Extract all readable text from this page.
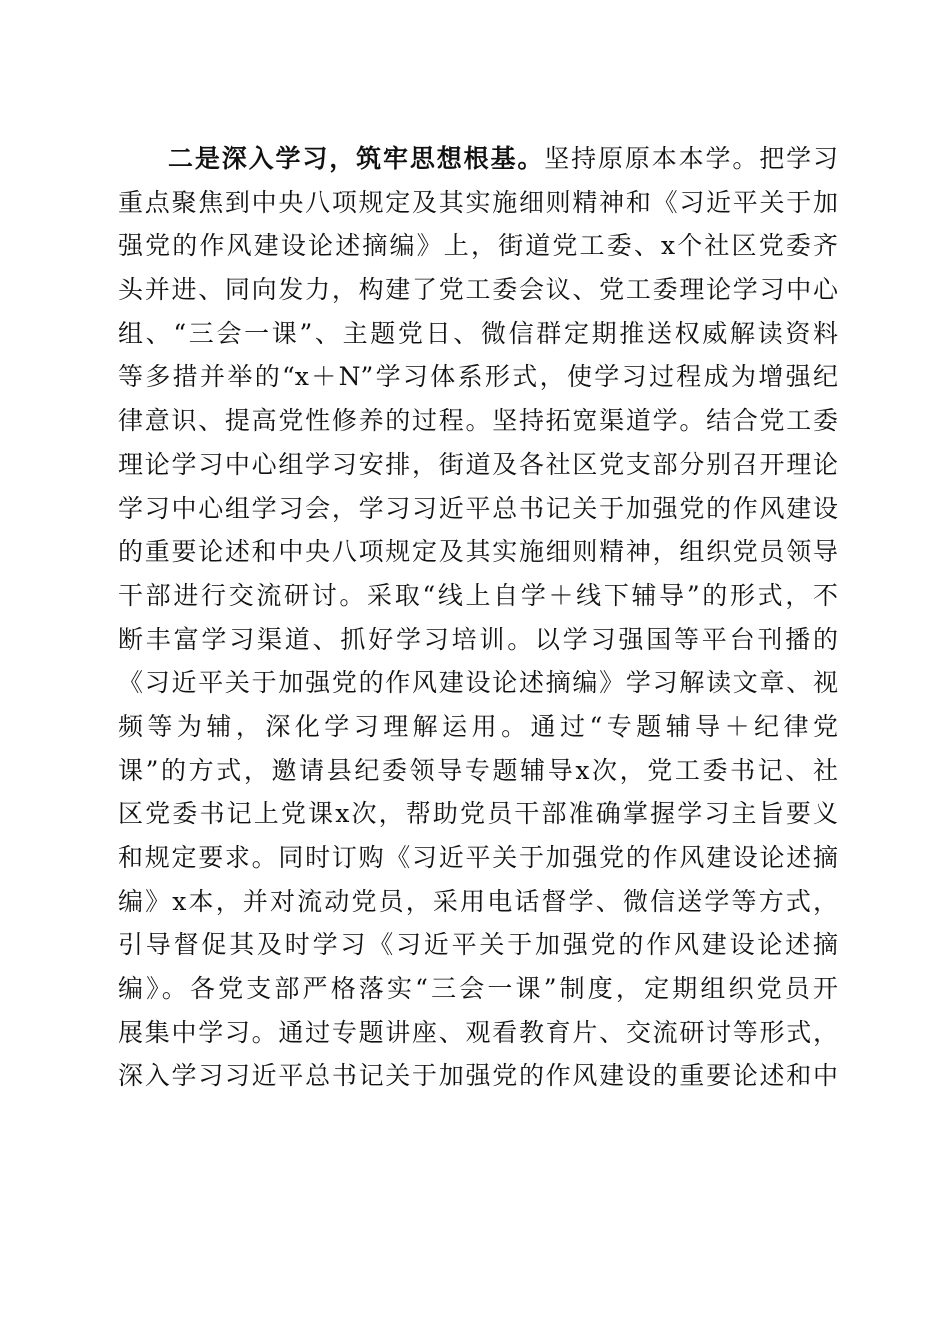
二是深入学习，筑牢思想根基。坚持原原本本学。把学习
重点聚焦到中央八项规定及其实施细则精神和《习近平关于加
强党的作风建设论述摘编》上，街道党工委、x个社区党委齐
头并进、同向发力，构建了党工委会议、党工委理论学习中心
组、“三会一课”、主题党日、微信群定期推送权威解读资料
等多措并举的“x＋N”学习体系形式，使学习过程成为增强纪
律意识、提高党性修养的过程。坚持拓宽渠道学。结合党工委
理论学习中心组学习安排，街道及各社区党支部分别召开理论
学习中心组学习会，学习习近平总书记关于加强党的作风建设
的重要论述和中央八项规定及其实施细则精神，组织党员领导
干部进行交流研讨。采取“线上自学＋线下辅导”的形式，不
断丰富学习渠道、抓好学习培训。以学习强国等平台刊播的
《习近平关于加强党的作风建设论述摘编》学习解读文章、视
频等为辅，深化学习理解运用。通过“专题辅导＋纪律党
课”的方式，邀请县纪委领导专题辅导x次，党工委书记、社
区党委书记上党课x次，帮助党员干部准确掌握学习主旨要义
和规定要求。同时订购《习近平关于加强党的作风建设论述摘
编》x本，并对流动党员，采用电话督学、微信送学等方式，
引导督促其及时学习《习近平关于加强党的作风建设论述摘
编》。各党支部严格落实“三会一课”制度，定期组织党员开
展集中学习。通过专题讲座、观看教育片、交流研讨等形式，
深入学习习近平总书记关于加强党的作风建设的重要论述和中
